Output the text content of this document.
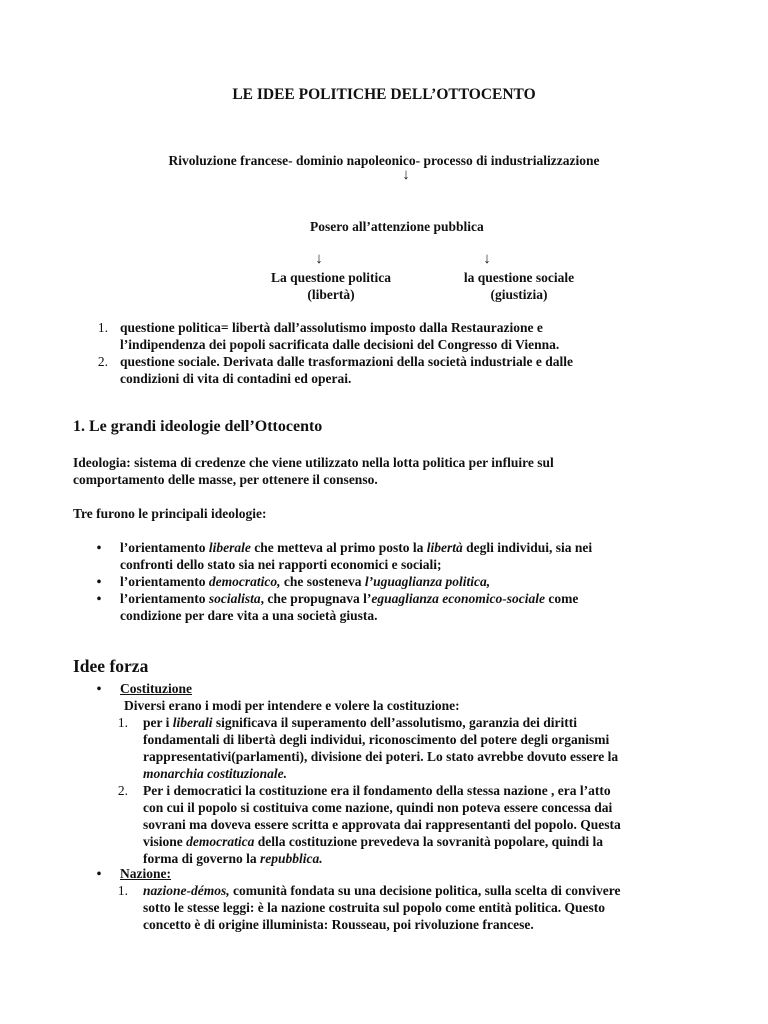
LE IDEE POLITICHE DELL’OTTOCENTO
Rivoluzione francese- dominio napoleonico- processo di industrializzazione
↓
Posero all’attenzione pubblica
↓	↓
La questione politica
(libertà)
la questione sociale
(giustizia)
1. questione politica= libertà dall’assolutismo imposto dalla Restaurazione e
l’indipendenza dei popoli sacrificata dalle decisioni del Congresso di Vienna.
2. questione sociale. Derivata dalle trasformazioni della società industriale e dalle
condizioni di vita di contadini ed operai.
1. Le grandi ideologie dell’Ottocento
Ideologia: sistema di credenze che viene utilizzato nella lotta politica per influire sul
comportamento delle masse, per ottenere il consenso.
Tre furono le principali ideologie:
•	l’orientamento liberale che metteva al primo posto la libertà degli individui, sia nei
confronti dello stato sia nei rapporti economici e sociali;
•	l’orientamento democratico, che sosteneva l’uguaglianza politica,
•	l’orientamento socialista, che propugnava l’eguaglianza economico-sociale come
condizione per dare vita a una società giusta.
Idee forza
•	Costituzione
Diversi erano i modi per intendere e volere la costituzione:
1. per i liberali significava il superamento dell’assolutismo, garanzia dei diritti
fondamentali di libertà degli individui, riconoscimento del potere degli organismi
rappresentativi(parlamenti), divisione dei poteri. Lo stato avrebbe dovuto essere la
monarchia costituzionale.
2. Per i democratici la costituzione era il fondamento della stessa nazione , era l’atto
con cui il popolo si costituiva come nazione, quindi non poteva essere concessa dai
sovrani ma doveva essere scritta e approvata dai rappresentanti del popolo. Questa
visione democratica della costituzione prevedeva la sovranità popolare, quindi la
forma di governo la repubblica.
•	Nazione:
1. nazione-démos, comunità fondata su una decisione politica, sulla scelta di convivere
sotto le stesse leggi: è la nazione costruita sul popolo come entità politica. Questo
concetto è di origine illuminista: Rousseau, poi rivoluzione francese.
